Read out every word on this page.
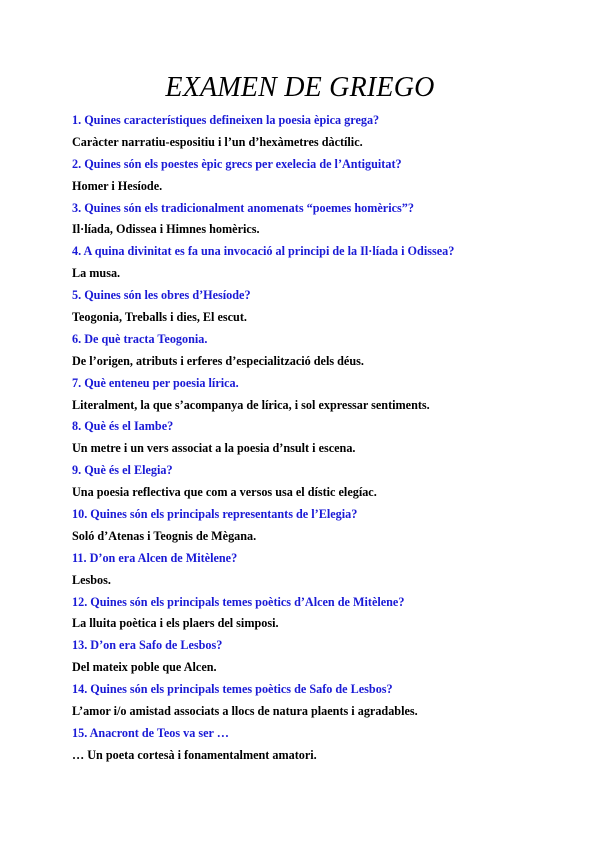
EXAMEN DE GRIEGO
1. Quines característiques defineixen la poesia èpica grega?
Caràcter narratiu-espositiu i l’un d’hexàmetres dàctílic.
2. Quines són els poestes èpic grecs per exelecia de l’Antiguitat?
Homer i Hesíode.
3. Quines són els tradicionalment anomenats “poemes homèrics”?
Il·líada, Odissea i Himnes homèrics.
4. A quina divinitat es fa una invocació al principi de la Il·líada i Odissea?
La musa.
5. Quines són les obres d’Hesíode?
Teogonia, Treballs i dies, El escut.
6. De què tracta Teogonia.
De l’origen, atributs i erferes d’especialització dels déus.
7. Què enteneu per poesia lírica.
Literalment, la que s’acompanya de lírica, i sol expressar sentiments.
8. Què és el Iambe?
Un metre i un vers associat a la poesia d’nsult i escena.
9. Què és el Elegia?
Una poesia reflectiva que com a versos usa el dístic elegíac.
10. Quines són els principals representants de l’Elegia?
Soló d’Atenas i Teognis de Mègana.
11. D’on era Alcen de Mitèlene?
Lesbos.
12. Quines són els principals temes poètics d’Alcen de Mitèlene?
La lluita poètica i els plaers del simposi.
13. D’on era Safo de Lesbos?
Del mateix poble que Alcen.
14. Quines són els principals temes poètics de Safo de Lesbos?
L’amor i/o amistad associats a llocs de natura plaents i agradables.
15. Anacront de Teos va ser …
… Un poeta cortesà i fonamentalment amatori.
